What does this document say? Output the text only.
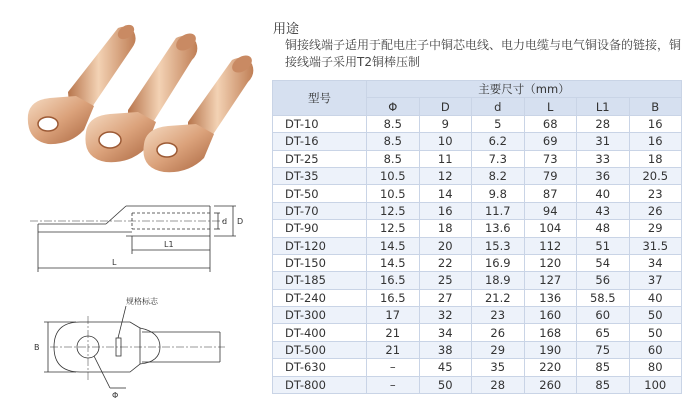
d D
L1
L
B
Φ
规格标志
用途
铜接线端子适用于配电庄子中铜芯电线、电力电缆与电气铜设备的链接，铜接线端子采用T2铜棒压制
型号	主要尺寸（mm）					
	Φ	D	d	L	L1	B
DT-10	8.5	9	5	68	28	16
DT-16	8.5	10	6.2	69	31	16
DT-25	8.5	11	7.3	73	33	18
DT-35	10.5	12	8.2	79	36	20.5
DT-50	10.5	14	9.8	87	40	23
DT-70	12.5	16	11.7	94	43	26
DT-90	12.5	18	13.6	104	48	29
DT-120	14.5	20	15.3	112	51	31.5
DT-150	14.5	22	16.9	120	54	34
DT-185	16.5	25	18.9	127	56	37
DT-240	16.5	27	21.2	136	58.5	40
DT-300	17	32	23	160	60	50
DT-400	21	34	26	168	65	50
DT-500	21	38	29	190	75	60
DT-630	–	45	35	220	85	80
DT-800	–	50	28	260	85	100
